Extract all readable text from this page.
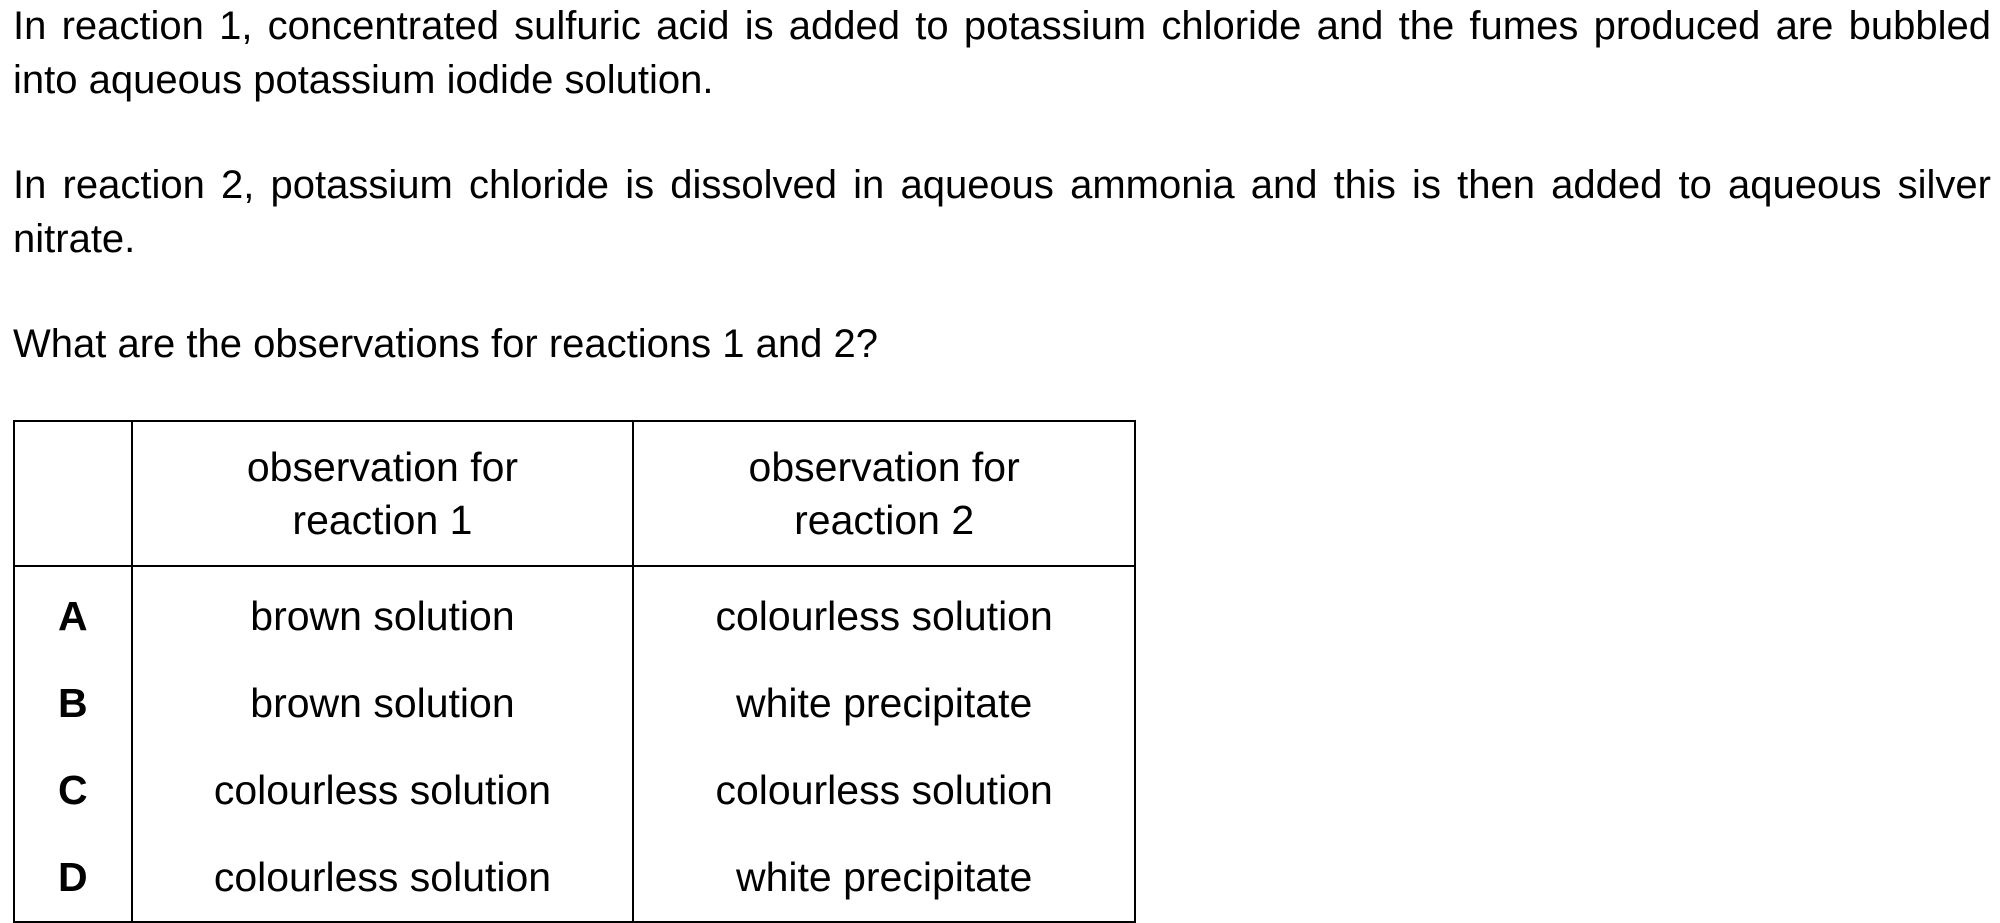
In reaction 1, concentrated sulfuric acid is added to potassium chloride and the fumes produced are bubbled into aqueous potassium iodide solution.

In reaction 2, potassium chloride is dissolved in aqueous ammonia and this is then added to aqueous silver nitrate.

What are the observations for reactions 1 and 2?

	observation for reaction 1	observation for reaction 2
A	brown solution	colourless solution
B	brown solution	white precipitate
C	colourless solution	colourless solution
D	colourless solution	white precipitate
